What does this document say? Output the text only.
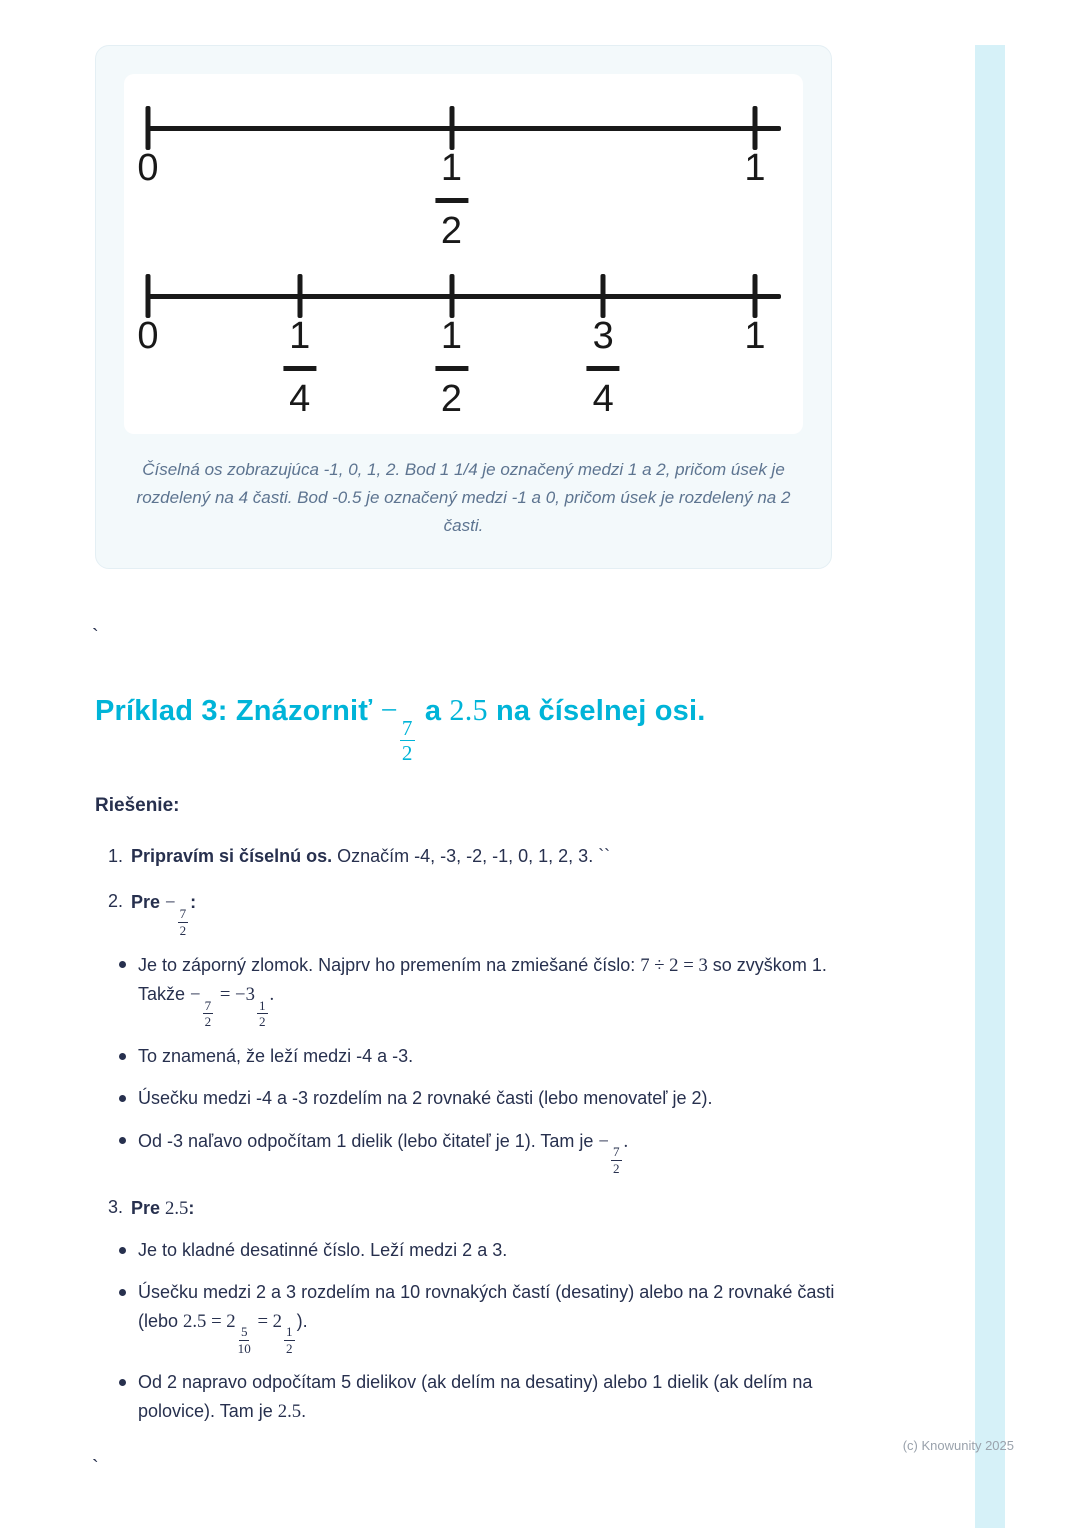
0	$\frac{1}{2}$	1
0	$\frac{1}{4}$	$\frac{1}{2}$	$\frac{3}{4}$	1

Číselná os zobrazujúca -1, 0, 1, 2. Bod 1 1/4 je označený medzi 1 a 2, pričom úsek je rozdelený na 4 časti. Bod -0.5 je označený medzi -1 a 0, pričom úsek je rozdelený na 2 časti.

`
Príklad 3: Znázorniť −
$\frac{7}{2}$
a 2.5 na číselnej osi.

Riešenie:

1. Pripravím si číselnú os. Označím -4, -3, -2, -1, 0, 1, 2, 3. ``
2. Pre −
$\frac{7}{2}$
:
Je to záporný zlomok. Najprv ho premením na zmiešané číslo: 7 ÷ 2 = 3 so zvyškom 1. Takže −
$\frac{7}{2}$
= −3
$\frac{1}{2}$
.
To znamená, že leží medzi -4 a -3.
Úsečku medzi -4 a -3 rozdelím na 2 rovnaké časti (lebo menovateľ je 2).
Od -3 naľavo odpočítam 1 dielik (lebo čitateľ je 1). Tam je −
$\frac{7}{2}$
.
3. Pre 2.5:
Je to kladné desatinné číslo. Leží medzi 2 a 3.
Úsečku medzi 2 a 3 rozdelím na 10 rovnakých častí (desatiny) alebo na 2 rovnaké časti (lebo 2.5 = 2
$\frac{5}{10}$
= 2
$\frac{1}{2}$
).
Od 2 napravo odpočítam 5 dielikov (ak delím na desatiny) alebo 1 dielik (ak delím na polovice). Tam je 2.5.
`
(c) Knowunity 2025
